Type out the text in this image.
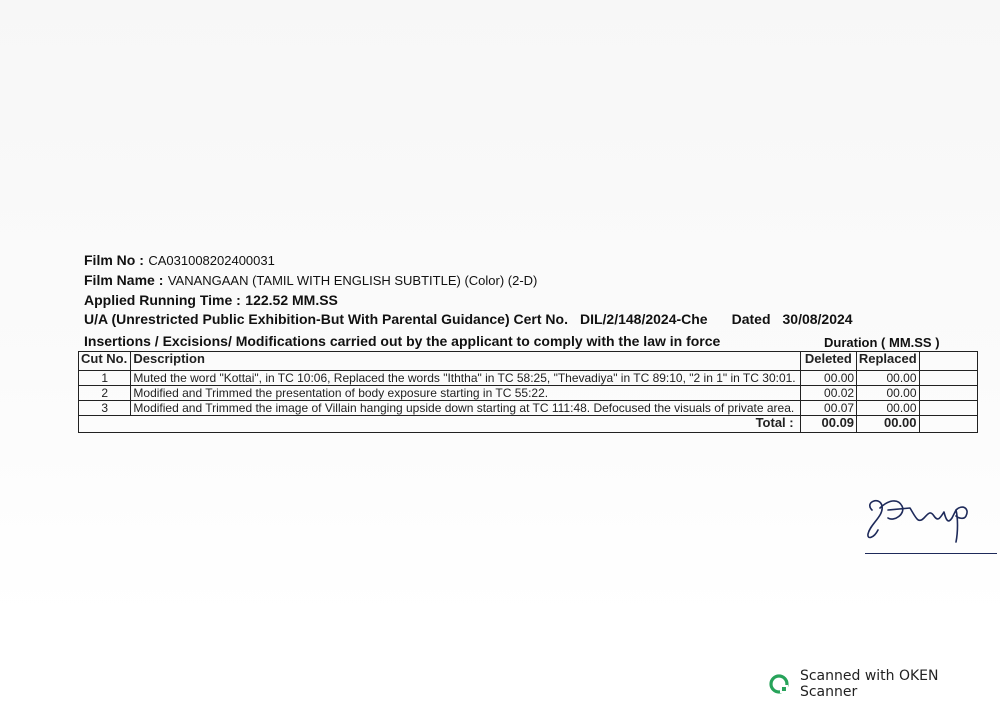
Film No : CA031008202400031
Film Name : VANANGAAN (TAMIL WITH ENGLISH SUBTITLE) (Color) (2-D)
Applied Running Time : 122.52 MM.SS
U/A (Unrestricted Public Exhibition-But With Parental Guidance) Cert No. DIL/2/148/2024-Che Dated 30/08/2024
Insertions / Excisions/ Modifications carried out by the applicant to comply with the law in force	Duration ( MM.SS )
Cut No.	Description	Deleted	Replaced	
1	Muted the word "Kottai", in TC 10:06, Replaced the words "Iththa" in TC 58:25, "Thevadiya" in TC 89:10, "2 in 1" in TC 30:01.	00.00	00.00	
2	Modified and Trimmed the presentation of body exposure starting in TC 55:22.	00.02	00.00	
3	Modified and Trimmed the image of Villain hanging upside down starting at TC 111:48. Defocused the visuals of private area.	00.07	00.00	
Total :		00.09	00.00	
Scanned with OKEN Scanner
